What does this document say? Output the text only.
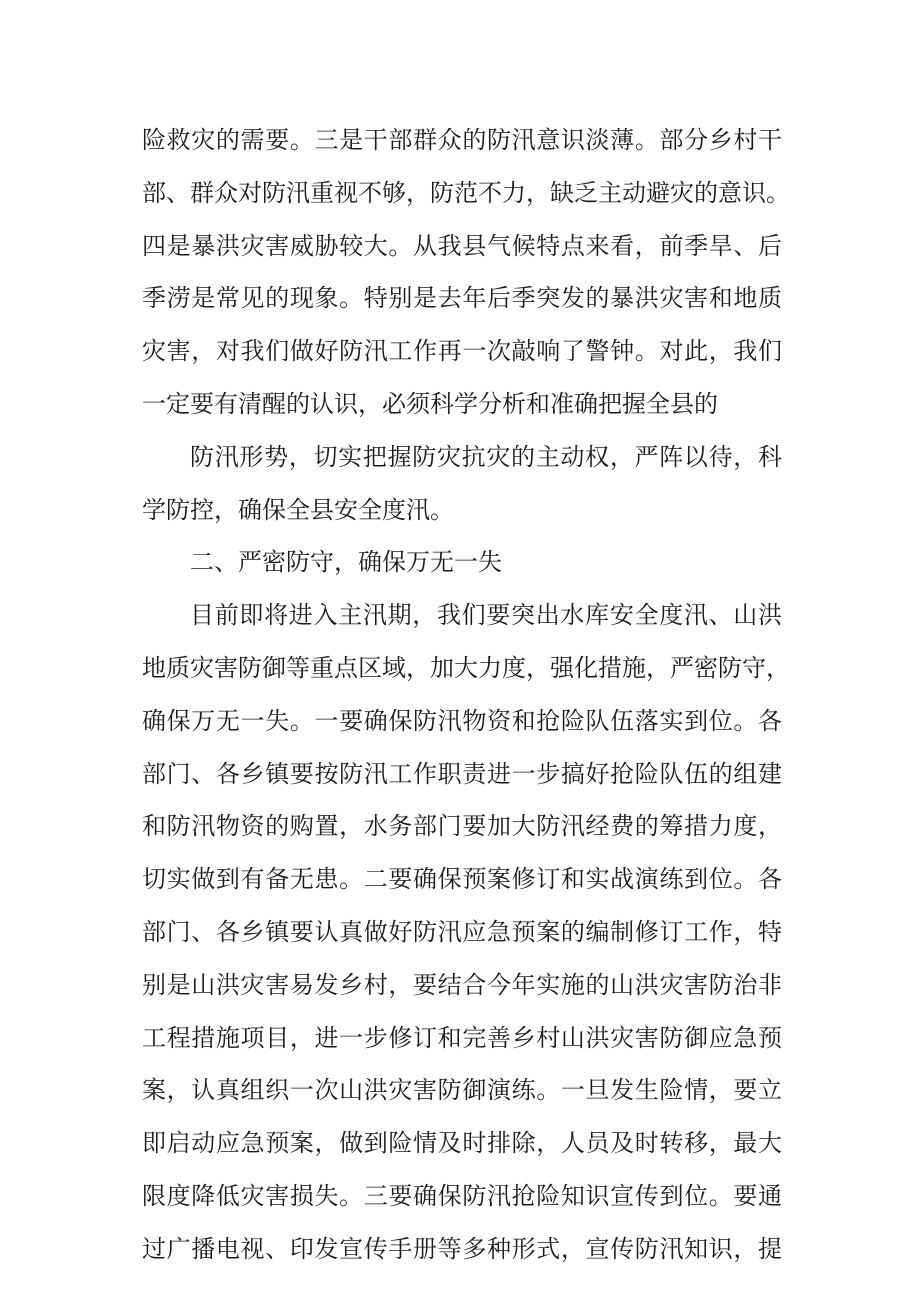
险救灾的需要。三是干部群众的防汛意识淡薄。部分乡村干
部、群众对防汛重视不够，防范不力，缺乏主动避灾的意识。
四是暴洪灾害威胁较大。从我县气候特点来看，前季旱、后
季涝是常见的现象。特别是去年后季突发的暴洪灾害和地质
灾害，对我们做好防汛工作再一次敲响了警钟。对此，我们
一定要有清醒的认识，必须科学分析和准确把握全县的
防汛形势，切实把握防灾抗灾的主动权，严阵以待，科
学防控，确保全县安全度汛。
二、严密防守，确保万无一失
目前即将进入主汛期，我们要突出水库安全度汛、山洪
地质灾害防御等重点区域，加大力度，强化措施，严密防守，
确保万无一失。一要确保防汛物资和抢险队伍落实到位。各
部门、各乡镇要按防汛工作职责进一步搞好抢险队伍的组建
和防汛物资的购置，水务部门要加大防汛经费的筹措力度，
切实做到有备无患。二要确保预案修订和实战演练到位。各
部门、各乡镇要认真做好防汛应急预案的编制修订工作，特
别是山洪灾害易发乡村，要结合今年实施的山洪灾害防治非
工程措施项目，进一步修订和完善乡村山洪灾害防御应急预
案，认真组织一次山洪灾害防御演练。一旦发生险情，要立
即启动应急预案，做到险情及时排除，人员及时转移，最大
限度降低灾害损失。三要确保防汛抢险知识宣传到位。要通
过广播电视、印发宣传手册等多种形式，宣传防汛知识，提
